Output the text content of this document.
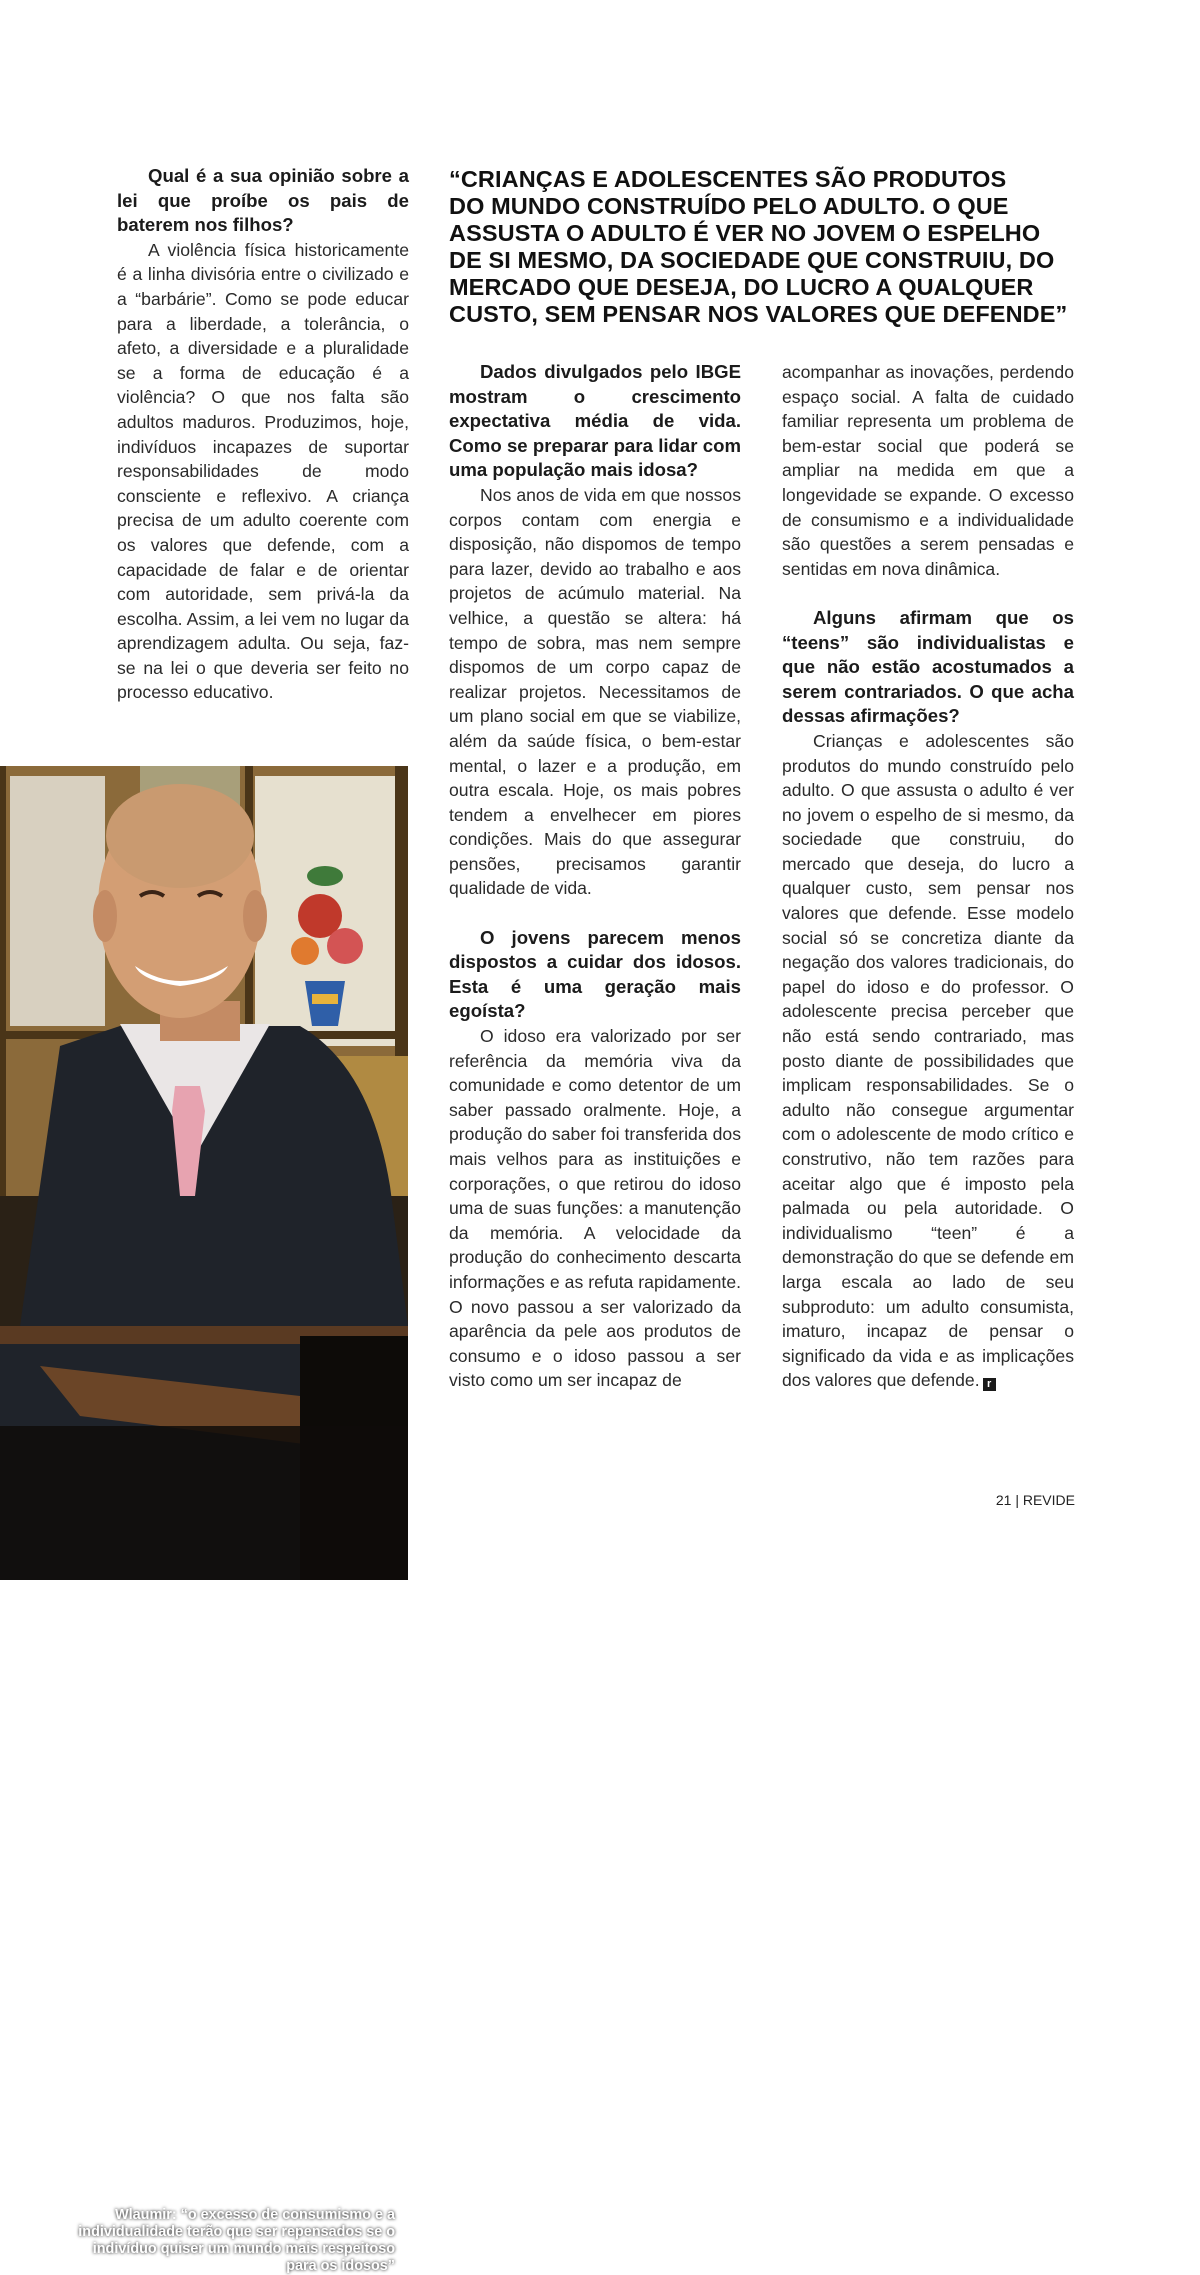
Qual é a sua opinião sobre a lei que proíbe os pais de baterem nos filhos?

A violência física historicamente é a linha divisória entre o civilizado e a “barbárie”. Como se pode educar para a liberdade, a tolerância, o afeto, a diversidade e a pluralidade se a forma de educação é a violência? O que nos falta são adultos maduros. Produzimos, hoje, indivíduos incapazes de suportar responsabilidades de modo consciente e reflexivo. A criança precisa de um adulto coerente com os valores que defende, com a capacidade de falar e de orientar com autoridade, sem privá-la da escolha. Assim, a lei vem no lugar da aprendizagem adulta. Ou seja, faz-se na lei o que deveria ser feito no processo educativo.

“CRIANÇAS E ADOLESCENTES SÃO PRODUTOS
DO MUNDO CONSTRUÍDO PELO ADULTO. O QUE
ASSUSTA O ADULTO É VER NO JOVEM O ESPELHO
DE SI MESMO, DA SOCIEDADE QUE CONSTRUIU, DO
MERCADO QUE DESEJA, DO LUCRO A QUALQUER
CUSTO, SEM PENSAR NOS VALORES QUE DEFENDE”
Dados divulgados pelo IBGE mostram o crescimento expectativa média de vida. Como se preparar para lidar com uma população mais idosa?

Nos anos de vida em que nossos corpos contam com energia e disposição, não dispomos de tempo para lazer, devido ao trabalho e aos projetos de acúmulo material. Na velhice, a questão se altera: há tempo de sobra, mas nem sempre dispomos de um corpo capaz de realizar projetos. Necessitamos de um plano social em que se viabilize, além da saúde física, o bem-estar mental, o lazer e a produção, em outra escala. Hoje, os mais pobres tendem a envelhecer em piores condições. Mais do que assegurar pensões, precisamos garantir qualidade de vida.

O jovens parecem menos dispostos a cuidar dos idosos. Esta é uma geração mais egoísta?

O idoso era valorizado por ser referência da memória viva da comunidade e como detentor de um saber passado oralmente. Hoje, a produção do saber foi transferida dos mais velhos para as instituições e corporações, o que retirou do idoso uma de suas funções: a manutenção da memória. A velocidade da produção do conhecimento descarta informações e as refuta rapidamente. O novo passou a ser valorizado da aparência da pele aos produtos de consumo e o idoso passou a ser visto como um ser incapaz de

acompanhar as inovações, perdendo espaço social. A falta de cuidado familiar representa um problema de bem-estar social que poderá se ampliar na medida em que a longevidade se expande. O excesso de consumismo e a individualidade são questões a serem pensadas e sentidas em nova dinâmica.

Alguns afirmam que os “teens” são individualistas e que não estão acostumados a serem contrariados. O que acha dessas afirmações?

Crianças e adolescentes são produtos do mundo construído pelo adulto. O que assusta o adulto é ver no jovem o espelho de si mesmo, da sociedade que construiu, do mercado que deseja, do lucro a qualquer custo, sem pensar nos valores que defende. Esse modelo social só se concretiza diante da negação dos valores tradicionais, do papel do idoso e do professor. O adolescente precisa perceber que não está sendo contrariado, mas posto diante de possibilidades que implicam responsabilidades. Se o adulto não consegue argumentar com o adolescente de modo crítico e construtivo, não tem razões para aceitar algo que é imposto pela palmada ou pela autoridade. O individualismo “teen” é a demonstração do que se defende em larga escala ao lado de seu subproduto: um adulto consumista, imaturo, incapaz de pensar o significado da vida e as implicações dos valores que defende. r

Wlaumir: “o excesso de consumismo e a individualidade terão que ser repensados se o indivíduo quiser um mundo mais respeitoso para os idosos”
21 | REVIDE
